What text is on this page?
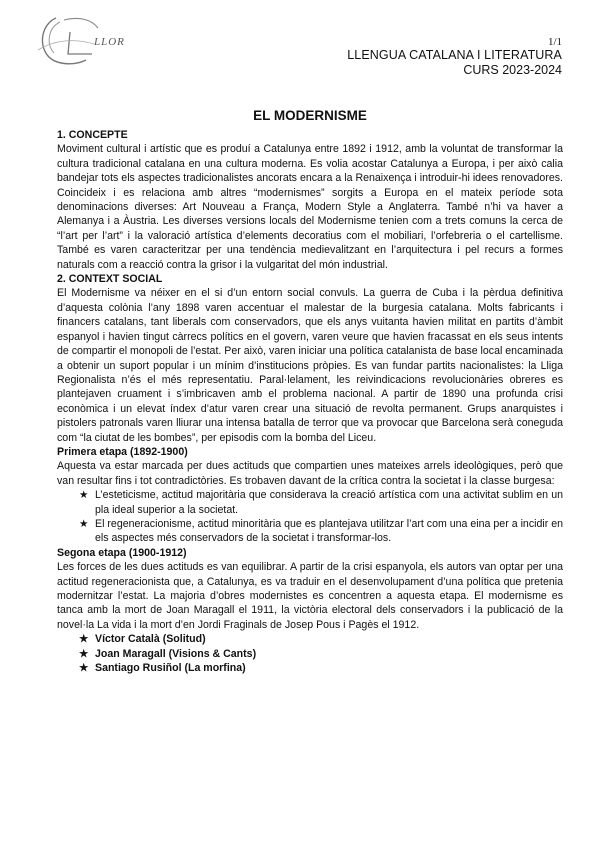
LLOR	1/1
LLENGUA CATALANA I LITERATURA
CURS 2023-2024
EL MODERNISME
1. CONCEPTE

Moviment cultural i artístic que es produí a Catalunya entre 1892 i 1912, amb la voluntat de transformar la cultura tradicional catalana en una cultura moderna. Es volia acostar Catalunya a Europa, i per això calia bandejar tots els aspectes tradicionalistes ancorats encara a la Renaixença i introduir-hi idees renovadores. Coincideix i es relaciona amb altres “modernismes” sorgits a Europa en el mateix període sota denominacions diverses: Art Nouveau a França, Modern Style a Anglaterra. També n’hi va haver a Alemanya i a Àustria. Les diverses versions locals del Modernisme tenien com a trets comuns la cerca de “l’art per l’art” i la valoració artística d’elements decoratius com el mobiliari, l’orfebreria o el cartellisme. També es varen caracteritzar per una tendència medievalitzant en l’arquitectura i pel recurs a formes naturals com a reacció contra la grisor i la vulgaritat del món industrial.

2. CONTEXT SOCIAL

El Modernisme va néixer en el si d’un entorn social convuls. La guerra de Cuba i la pèrdua definitiva d’aquesta colònia l’any 1898 varen accentuar el malestar de la burgesia catalana. Molts fabricants i financers catalans, tant liberals com conservadors, que els anys vuitanta havien militat en partits d’àmbit espanyol i havien tingut càrrecs polítics en el govern, varen veure que havien fracassat en els seus intents de compartir el monopoli de l’estat. Per això, varen iniciar una política catalanista de base local encaminada a obtenir un suport popular i un mínim d’institucions pròpies. Es van fundar partits nacionalistes: la Lliga Regionalista n’és el més representatiu. Paral·lelament, les reivindicacions revolucionàries obreres es plantejaven cruament i s’imbricaven amb el problema nacional. A partir de 1890 una profunda crisi econòmica i un elevat índex d’atur varen crear una situació de revolta permanent. Grups anarquistes i pistolers patronals varen lliurar una intensa batalla de terror que va provocar que Barcelona serà coneguda com “la ciutat de les bombes”, per episodis com la bomba del Liceu.

Primera etapa (1892-1900)

Aquesta va estar marcada per dues actituds que compartien unes mateixes arrels ideològiques, però que van resultar fins i tot contradictòries. Es trobaven davant de la crítica contra la societat i la classe burgesa:

★ L’esteticisme, actitud majoritària que considerava la creació artística com una activitat sublim en un pla ideal superior a la societat.
★ El regeneracionisme, actitud minoritària que es plantejava utilitzar l’art com una eina per a incidir en els aspectes més conservadors de la societat i transformar-los.
Segona etapa (1900-1912)

Les forces de les dues actituds es van equilibrar. A partir de la crisi espanyola, els autors van optar per una actitud regeneracionista que, a Catalunya, es va traduir en el desenvolupament d’una política que pretenia modernitzar l’estat. La majoria d’obres modernistes es concentren a aquesta etapa. El modernisme es tanca amb la mort de Joan Maragall el 1911, la victòria electoral dels conservadors i la publicació de la novel·la La vida i la mort d’en Jordi Fraginals de Josep Pous i Pagès el 1912.

★ Víctor Català (Solitud)
★ Joan Maragall (Visions & Cants)
★ Santiago Rusiñol (La morfina)
